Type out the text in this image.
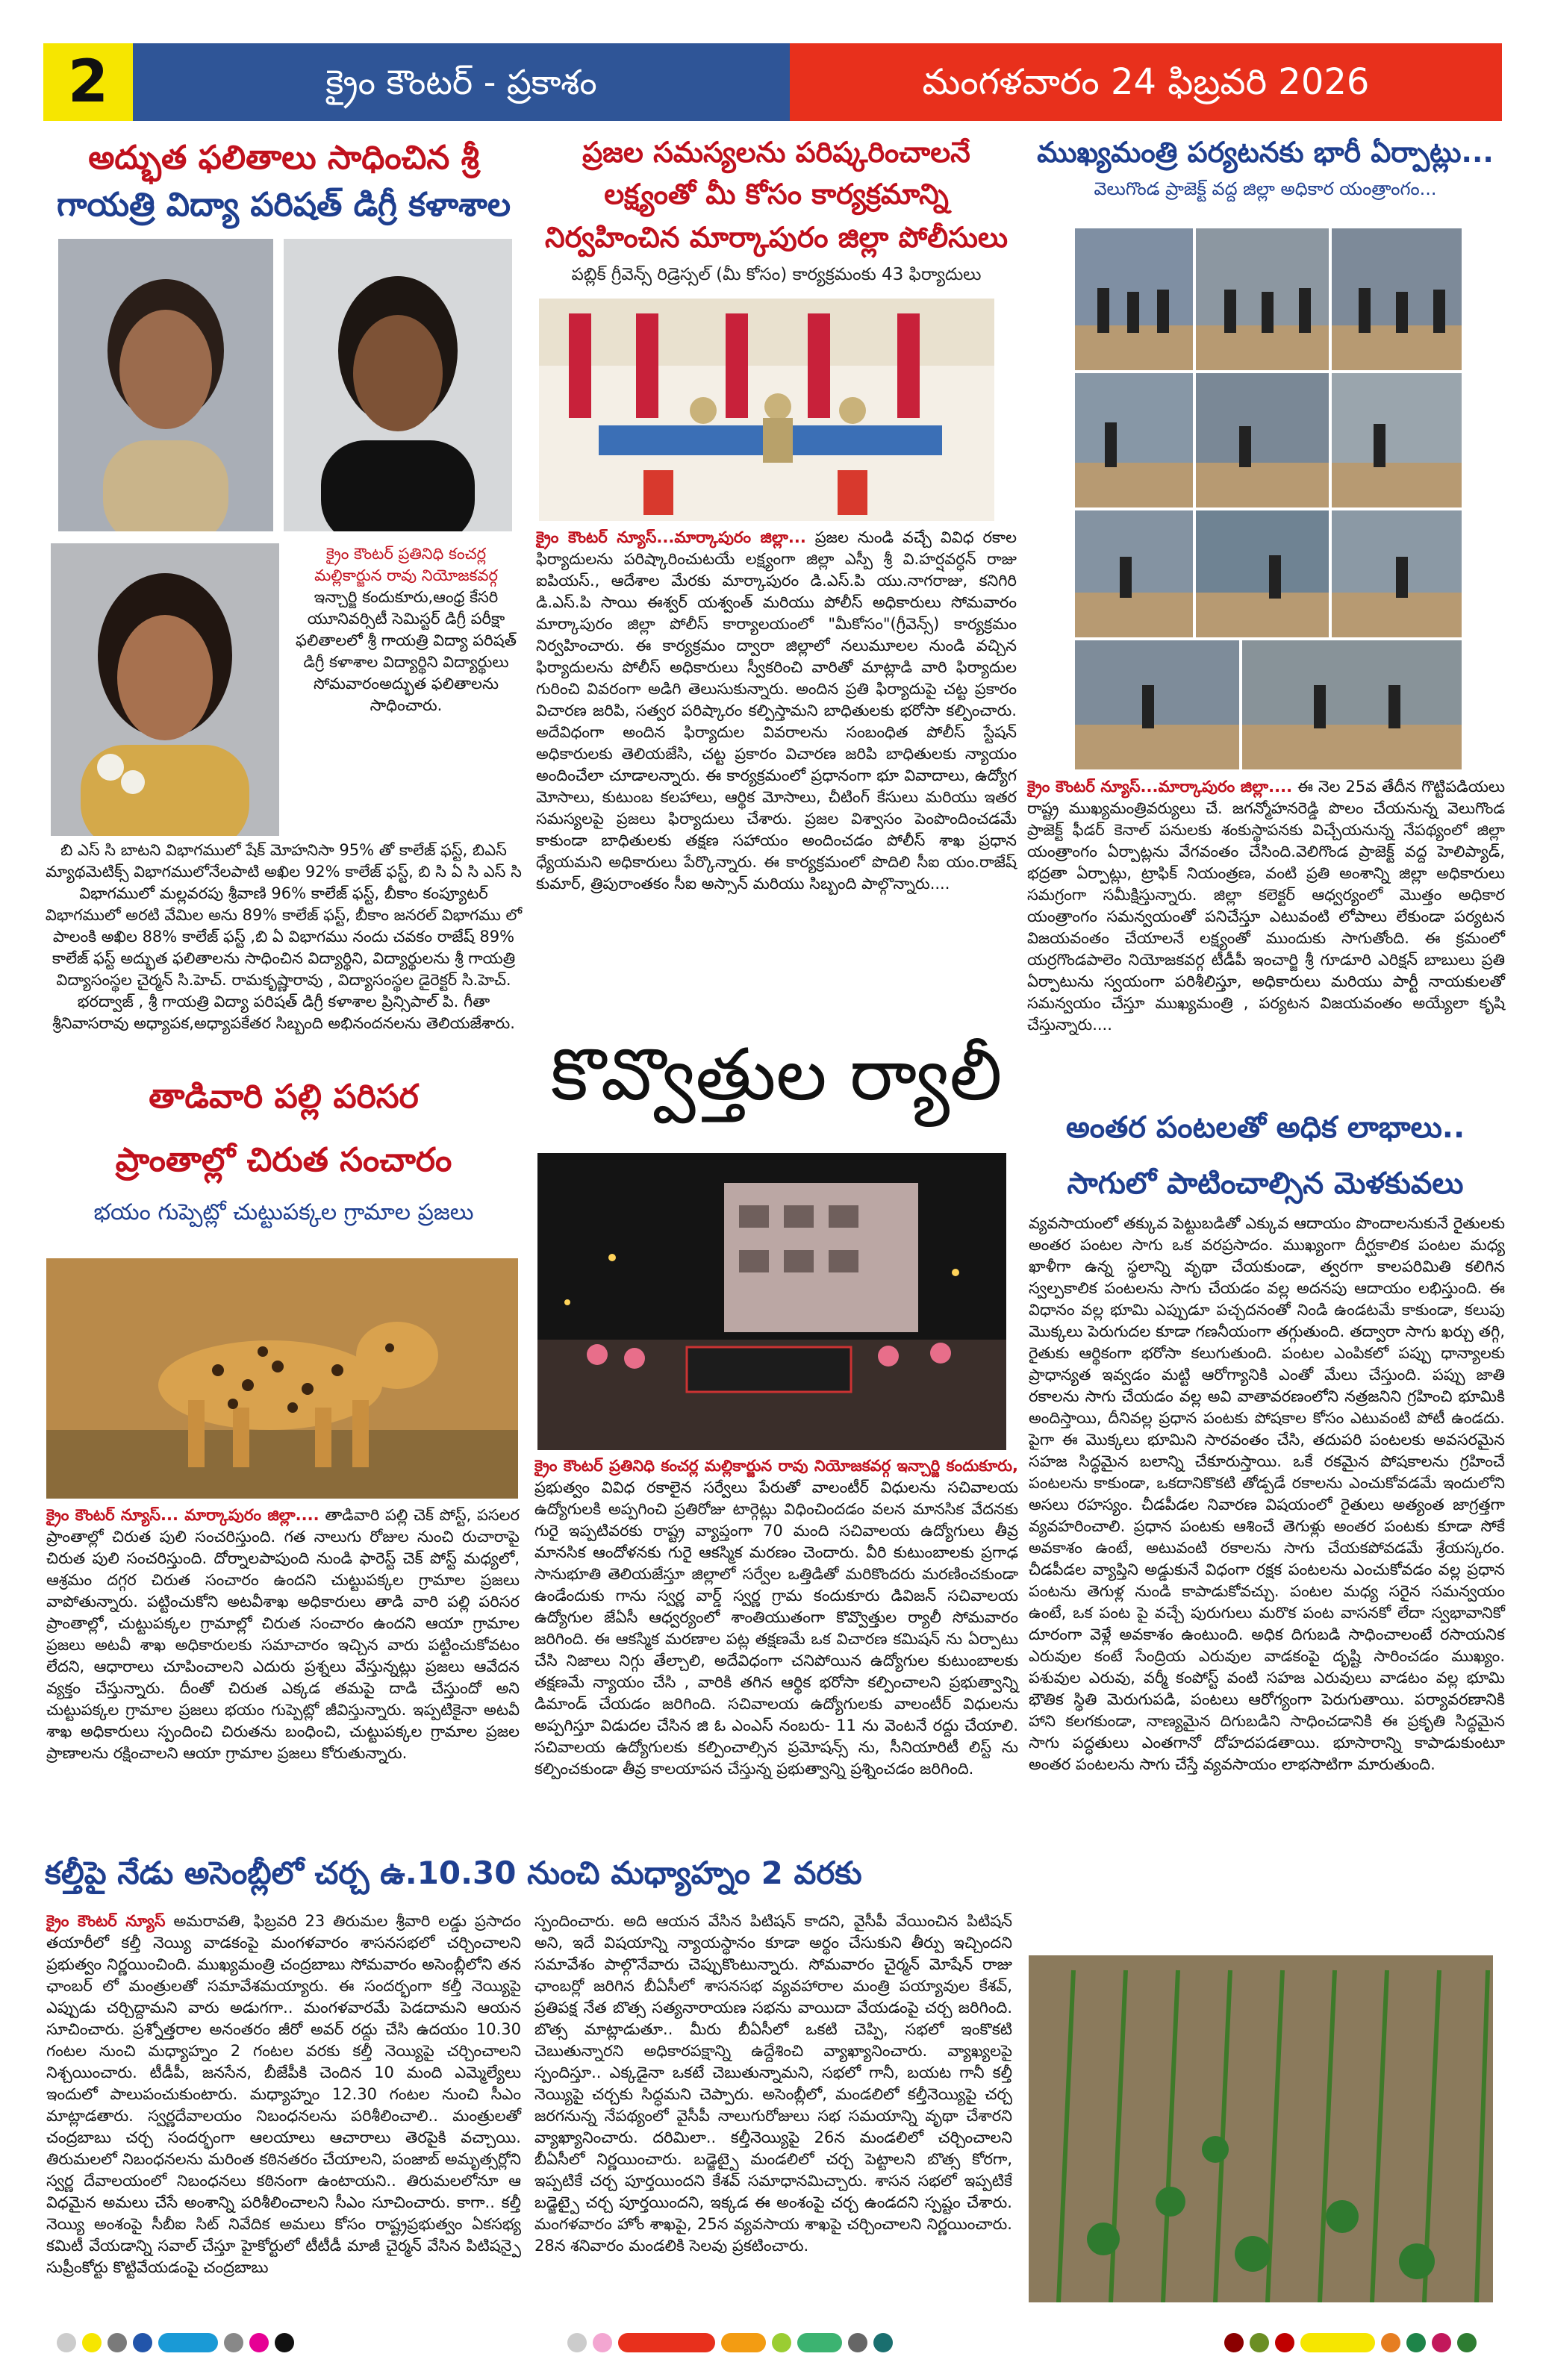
2	క్రైం కౌంటర్ - ప్రకాశం	మంగళవారం 24 ఫిబ్రవరి 2026
అద్భుత ఫలితాలు సాధించిన శ్రీ
గాయత్రి విద్యా పరిషత్ డిగ్రీ కళాశాల
క్రైం కౌంటర్ ప్రతినిధి కంచర్ల మల్లికార్జున రావు నియోజకవర్గ ఇన్చార్జి కందుకూరు,ఆంధ్ర కేసరి యూనివర్సిటీ సెమిస్టర్ డిగ్రీ పరీక్షా ఫలితాలలో శ్రీ గాయత్రి విద్యా పరిషత్ డిగ్రీ కళాశాల విద్యార్థిని విద్యార్థులు సోమవారంఅద్భుత ఫలితాలను సాధించారు.
బి ఎస్ సి బాటని విభాగములో షేక్ మోహనిసా 95% తో కాలేజ్ ఫస్ట్, బిఎస్ మ్యాథమెటిక్స్ విభాగములోనేలపాటి అఖిల 92% కాలేజ్ ఫస్ట్, బి సి ఏ సి ఎస్ సి విభాగములో మల్లవరపు శ్రీవాణి 96% కాలేజ్ ఫస్ట్, బీకాం కంప్యూటర్ విభాగములో అరటి వేమిల అను 89% కాలేజ్ ఫస్ట్, బీకాం జనరల్ విభాగము లో పాలంకి అఖిల 88% కాలేజ్ ఫస్ట్ ,బి ఏ విభాగము నందు చవకం రాజేష్ 89% కాలేజ్ ఫస్ట్ అద్భుత ఫలితాలను సాధించిన విద్యార్థిని, విద్యార్థులను శ్రీ గాయత్రి విద్యాసంస్థల చైర్మన్ సి.హెచ్. రామకృష్ణారావు , విద్యాసంస్థల డైరెక్టర్ సి.హెచ్. భరద్వాజ్ , శ్రీ గాయత్రి విద్యా పరిషత్ డిగ్రీ కళాశాల ప్రిన్సిపాల్ పి. గీతా శ్రీనివాసరావు అధ్యాపక,అధ్యాపకేతర సిబ్బంది అభినందనలను తెలియజేశారు.
తాడివారి పల్లి పరిసర
ప్రాంతాల్లో చిరుత సంచారం
భయం గుప్పెట్లో చుట్టుపక్కల గ్రామాల ప్రజలు
క్రైం కౌంటర్ న్యూస్... మార్కాపురం జిల్లా.... తాడివారి పల్లి చెక్ పోస్ట్, పసలర ప్రాంతాల్లో చిరుత పులి సంచరిస్తుంది. గత నాలుగు రోజుల నుంచి రుచారాపై చిరుత పులి సంచరిస్తుంది. దోర్నాలపాపుంది నుండి ఫారెస్ట్ చెక్ పోస్ట్ మధ్యలో, ఆశ్రమం దగ్గర చిరుత సంచారం ఉందని చుట్టుపక్కల గ్రామాల ప్రజలు వాపోతున్నారు. పట్టించుకోని అటవీశాఖ అధికారులు తాడి వారి పల్లి పరిసర ప్రాంతాల్లో, చుట్టుపక్కల గ్రామాల్లో చిరుత సంచారం ఉందని ఆయా గ్రామాల ప్రజలు అటవీ శాఖ అధికారులకు సమాచారం ఇచ్చిన వారు పట్టించుకోవటం లేదని, ఆధారాలు చూపించాలని ఎదురు ప్రశ్నలు వేస్తున్నట్లు ప్రజలు ఆవేదన వ్యక్తం చేస్తున్నారు. దీంతో చిరుత ఎక్కడ తమపై దాడి చేస్తుందో అని చుట్టుపక్కల గ్రామాల ప్రజలు భయం గుప్పెట్లో జీవిస్తున్నారు. ఇప్పటికైనా అటవీ శాఖ అధికారులు స్పందించి చిరుతను బంధించి, చుట్టుపక్కల గ్రామాల ప్రజల ప్రాణాలను రక్షించాలని ఆయా గ్రామాల ప్రజలు కోరుతున్నారు.
ప్రజల సమస్యలను పరిష్కరించాలనే
లక్ష్యంతో మీ కోసం కార్యక్రమాన్ని
నిర్వహించిన మార్కాపురం జిల్లా పోలీసులు
పబ్లిక్ గ్రీవెన్స్ రిడ్రెస్సల్ (మీ కోసం) కార్యక్రమంకు 43 ఫిర్యాదులు
క్రైం కౌంటర్ న్యూస్...మార్కాపురం జిల్లా... ప్రజల నుండి వచ్చే వివిధ రకాల ఫిర్యాదులను పరిష్కారించుటయే లక్ష్యంగా జిల్లా ఎస్పీ శ్రీ వి.హర్షవర్ధన్ రాజు ఐపియస్., ఆదేశాల మేరకు మార్కాపురం డి.ఎస్.పి యు.నాగరాజు, కనిగిరి డి.ఎస్.పి సాయి ఈశ్వర్ యశ్వంత్ మరియు పోలీస్ అధికారులు సోమవారం మార్కాపురం జిల్లా పోలీస్ కార్యాలయంలో "మీకోసం"(గ్రీవెన్స్) కార్యక్రమం నిర్వహించారు. ఈ కార్యక్రమం ద్వారా జిల్లాలో నలుమూలల నుండి వచ్చిన ఫిర్యాదులను పోలీస్ అధికారులు స్వీకరించి వారితో మాట్లాడి వారి ఫిర్యాదుల గురించి వివరంగా అడిగి తెలుసుకున్నారు. అందిన ప్రతి ఫిర్యాదుపై చట్ట ప్రకారం విచారణ జరిపి, సత్వర పరిష్కారం కల్పిస్తామని బాధితులకు భరోసా కల్పించారు. అదేవిధంగా అందిన ఫిర్యాదుల వివరాలను సంబంధిత పోలీస్ స్టేషన్ అధికారులకు తెలియజేసి, చట్ట ప్రకారం విచారణ జరిపి బాధితులకు న్యాయం అందించేలా చూడాలన్నారు. ఈ కార్యక్రమంలో ప్రధానంగా భూ వివాదాలు, ఉద్యోగ మోసాలు, కుటుంబ కలహాలు, ఆర్థిక మోసాలు, చీటింగ్ కేసులు మరియు ఇతర సమస్యలపై ప్రజలు ఫిర్యాదులు చేశారు. ప్రజల విశ్వాసం పెంపొందించడమే కాకుండా బాధితులకు తక్షణ సహాయం అందించడం పోలీస్ శాఖ ప్రధాన ధ్యేయమని అధికారులు పేర్కొన్నారు. ఈ కార్యక్రమంలో పొదిలి సీఐ యం.రాజేష్ కుమార్, త్రిపురాంతకం సీఐ అస్సాన్ మరియు సిబ్బంది పాల్గొన్నారు....
కొవ్వొత్తుల ర్యాలీ
క్రైం కౌంటర్ ప్రతినిధి కంచర్ల మల్లికార్జున రావు నియోజకవర్గ ఇన్చార్జి కందుకూరు, ప్రభుత్వం వివిధ రకాలైన సర్వేలు పేరుతో వాలంటీర్ విధులను సచివాలయ ఉద్యోగులకి అప్పగించి ప్రతిరోజు టార్గెట్లు విధించిందడం వలన మానసిక వేదనకు గురై ఇప్పటివరకు రాష్ట్ర వ్యాప్తంగా 70 మంది సచివాలయ ఉద్యోగులు తీవ్ర మానసిక ఆందోళనకు గురై ఆకస్మిక మరణం చెందారు. వీరి కుటుంబాలకు ప్రగాఢ సానుభూతి తెలియజేస్తూ జిల్లాలో సర్వేల ఒత్తిడితో మరికొందరు మరణించకుండా ఉండేందుకు గాను స్వర్ణ వార్డ్ స్వర్ణ గ్రామ కందుకూరు డివిజన్ సచివాలయ ఉద్యోగుల జేఏసీ ఆధ్వర్యంలో శాంతియుతంగా కొవ్వొత్తుల ర్యాలీ సోమవారం జరిగింది. ఈ ఆకస్మిక మరణాల పట్ల తక్షణమే ఒక విచారణ కమిషన్ ను ఏర్పాటు చేసి నిజాలు నిగ్గు తేల్చాలి, అదేవిధంగా చనిపోయిన ఉద్యోగుల కుటుంబాలకు తక్షణమే న్యాయం చేసి , వారికి తగిన ఆర్థిక భరోసా కల్పించాలని ప్రభుత్వాన్ని డిమాండ్ చేయడం జరిగింది. సచివాలయ ఉద్యోగులకు వాలంటీర్ విధులను అప్పగిస్తూ విడుదల చేసిన జి ఓ ఎంఎస్ నంబరు- 11 ను వెంటనే రద్దు చేయాలి. సచివాలయ ఉద్యోగులకు కల్పించాల్సిన ప్రమోషన్స్ ను, సీనియారిటీ లిస్ట్ ను కల్పించకుండా తీవ్ర కాలయాపన చేస్తున్న ప్రభుత్వాన్ని ప్రశ్నించడం జరిగింది.
ముఖ్యమంత్రి పర్యటనకు భారీ ఏర్పాట్లు...
వెలుగొండ ప్రాజెక్ట్ వద్ద జిల్లా అధికార యంత్రాంగం...
క్రైం కౌంటర్ న్యూస్...మార్కాపురం జిల్లా.... ఈ నెల 25వ తేదీన గొట్టిపడియలు రాష్ట్ర ముఖ్యమంత్రివర్యులు చే. జగన్మోహనరెడ్డి పొలం చేయనున్న వెలుగొండ ప్రాజెక్ట్ ఫీడర్ కెనాల్ పనులకు శంకుస్థాపనకు విచ్చేయనున్న నేపథ్యంలో జిల్లా యంత్రాంగం ఏర్పాట్లను వేగవంతం చేసింది.వెలిగొండ ప్రాజెక్ట్ వద్ద హెలిప్యాడ్, భద్రతా ఏర్పాట్లు, ట్రాఫిక్ నియంత్రణ, వంటి ప్రతి అంశాన్ని జిల్లా అధికారులు సమగ్రంగా సమీక్షిస్తున్నారు. జిల్లా కలెక్టర్ ఆధ్వర్యంలో మొత్తం అధికార యంత్రాంగం సమన్వయంతో పనిచేస్తూ ఎటువంటి లోపాలు లేకుండా పర్యటన విజయవంతం చేయాలనే లక్ష్యంతో ముందుకు సాగుతోంది. ఈ క్రమంలో యర్రగొండపాలెం నియోజకవర్గ టీడీపీ ఇంచార్జి శ్రీ గూడూరి ఎరిక్షన్ బాబులు ప్రతి ఏర్పాటును స్వయంగా పరిశీలిస్తూ, అధికారులు మరియు పార్టీ నాయకులతో సమన్వయం చేస్తూ ముఖ్యమంత్రి , పర్యటన విజయవంతం అయ్యేలా కృషి చేస్తున్నారు....
అంతర పంటలతో అధిక లాభాలు..
సాగులో పాటించాల్సిన మెళకువలు
వ్యవసాయంలో తక్కువ పెట్టుబడితో ఎక్కువ ఆదాయం పొందాలనుకునే రైతులకు అంతర పంటల సాగు ఒక వరప్రసాదం. ముఖ్యంగా దీర్ఘకాలిక పంటల మధ్య ఖాళీగా ఉన్న స్థలాన్ని వృథా చేయకుండా, త్వరగా కాలపరిమితి కలిగిన స్వల్పకాలిక పంటలను సాగు చేయడం వల్ల అదనపు ఆదాయం లభిస్తుంది. ఈ విధానం వల్ల భూమి ఎప్పుడూ పచ్చదనంతో నిండి ఉండటమే కాకుండా, కలుపు మొక్కలు పెరుగుదల కూడా గణనీయంగా తగ్గుతుంది. తద్వారా సాగు ఖర్చు తగ్గి, రైతుకు ఆర్థికంగా భరోసా కలుగుతుంది. పంటల ఎంపికలో పప్పు ధాన్యాలకు ప్రాధాన్యత ఇవ్వడం మట్టి ఆరోగ్యానికి ఎంతో మేలు చేస్తుంది. పప్పు జాతి రకాలను సాగు చేయడం వల్ల అవి వాతావరణంలోని నత్రజనిని గ్రహించి భూమికి అందిస్తాయి, దీనివల్ల ప్రధాన పంటకు పోషకాల కోసం ఎటువంటి పోటీ ఉండదు. పైగా ఈ మొక్కలు భూమిని సారవంతం చేసి, తదుపరి పంటలకు అవసరమైన సహజ సిద్ధమైన బలాన్ని చేకూరుస్తాయి. ఒకే రకమైన పోషకాలను గ్రహించే పంటలను కాకుండా, ఒకదానికొకటి తోడ్పడే రకాలను ఎంచుకోవడమే ఇందులోని అసలు రహస్యం. చీడపీడల నివారణ విషయంలో రైతులు అత్యంత జాగ్రత్తగా వ్యవహరించాలి. ప్రధాన పంటకు ఆశించే తెగుళ్లు అంతర పంటకు కూడా సోకే అవకాశం ఉంటే, అటువంటి రకాలను సాగు చేయకపోవడమే శ్రేయస్కరం. చీడపీడల వ్యాప్తిని అడ్డుకునే విధంగా రక్షక పంటలను ఎంచుకోవడం వల్ల ప్రధాన పంటను తెగుళ్ల నుండి కాపాడుకోవచ్చు. పంటల మధ్య సరైన సమన్వయం ఉంటే, ఒక పంట పై వచ్చే పురుగులు మరొక పంట వాసనకో లేదా స్వభావానికో దూరంగా వెళ్లే అవకాశం ఉంటుంది. అధిక దిగుబడి సాధించాలంటే రసాయనిక ఎరువుల కంటే సేంద్రియ ఎరువుల వాడకంపై దృష్టి సారించడం ముఖ్యం. పశువుల ఎరువు, వర్మీ కంపోస్ట్ వంటి సహజ ఎరువులు వాడటం వల్ల భూమి భౌతిక స్థితి మెరుగుపడి, పంటలు ఆరోగ్యంగా పెరుగుతాయి. పర్యావరణానికి హాని కలగకుండా, నాణ్యమైన దిగుబడిని సాధించడానికి ఈ ప్రకృతి సిద్ధమైన సాగు పద్ధతులు ఎంతగానో దోహదపడతాయి. భూసారాన్ని కాపాడుకుంటూ అంతర పంటలను సాగు చేస్తే వ్యవసాయం లాభసాటిగా మారుతుంది.
కల్తీపై నేడు అసెంబ్లీలో చర్చ ఉ.10.30 నుంచి మధ్యాహ్నం 2 వరకు
క్రైం కౌంటర్ న్యూస్ అమరావతి, ఫిబ్రవరి 23 తిరుమల శ్రీవారి లడ్డు ప్రసాదం తయారీలో కల్తీ నెయ్యి వాడకంపై మంగళవారం శాసనసభలో చర్చించాలని ప్రభుత్వం నిర్ణయించింది. ముఖ్యమంత్రి చంద్రబాబు సోమవారం అసెంబ్లీలోని తన ఛాంబర్ లో మంత్రులతో సమావేశమయ్యారు. ఈ సందర్భంగా కల్తీ నెయ్యిపై ఎప్పుడు చర్చిద్దామని వారు అడుగగా.. మంగళవారమే పెడదామని ఆయన సూచించారు. ప్రశ్నోత్తరాల అనంతరం జీరో అవర్ రద్దు చేసి ఉదయం 10.30 గంటల నుంచి మధ్యాహ్నం 2 గంటల వరకు కల్తీ నెయ్యిపై చర్చించాలని నిశ్చయించారు. టీడీపీ, జనసేన, బీజేపీకి చెందిన 10 మంది ఎమ్మెల్యేలు ఇందులో పాలుపంచుకుంటారు. మధ్యాహ్నం 12.30 గంటల నుంచి సీఎం మాట్లాడతారు. స్వర్ణదేవాలయం నిబంధనలను పరిశీలించాలి.. మంత్రులతో చంద్రబాబు చర్చ సందర్భంగా ఆలయాలు ఆచారాలు తెరపైకి వచ్చాయి. తిరుమలలో నిబంధనలను మరింత కఠినతరం చేయాలని, పంజాబ్ అమృత్సర్లోని స్వర్ణ దేవాలయంలో నిబంధనలు కఠినంగా ఉంటాయని.. తిరుమలలోనూ ఆ విధమైన అమలు చేసే అంశాన్ని పరిశీలించాలని సీఎం సూచించారు. కాగా.. కల్తీ నెయ్యి అంశంపై సీబీఐ సిట్ నివేదిక అమలు కోసం రాష్ట్రప్రభుత్వం ఏకసభ్య కమిటీ వేయడాన్ని సవాల్ చేస్తూ హైకోర్టులో టీటీడీ మాజీ చైర్మన్ వేసిన పిటిషన్పై సుప్రీంకోర్టు కొట్టివేయడంపై చంద్రబాబు
స్పందించారు. అది ఆయన వేసిన పిటిషన్ కాదని, వైసీపీ వేయించిన పిటిషన్ అని, ఇదే విషయాన్ని న్యాయస్థానం కూడా అర్థం చేసుకుని తీర్పు ఇచ్చిందని సమావేశం పాల్గొనేవారు చెప్పుకొంటున్నారు. సోమవారం చైర్మన్ మోషేన్ రాజు ఛాంబర్లో జరిగిన బీఏసీలో శాసనసభ వ్యవహారాల మంత్రి పయ్యావుల కేశవ్, ప్రతిపక్ష నేత బొత్స సత్యనారాయణ సభను వాయిదా వేయడంపై చర్చ జరిగింది. బొత్స మాట్లాడుతూ.. మీరు బీఏసీలో ఒకటి చెప్పి, సభలో ఇంకొకటి చెబుతున్నారని అధికారపక్షాన్ని ఉద్దేశించి వ్యాఖ్యానించారు. వ్యాఖ్యలపై స్పందిస్తూ.. ఎక్కడైనా ఒకటే చెబుతున్నామని, సభలో గానీ, బయట గానీ కల్తీ నెయ్యిపై చర్చకు సిద్ధమని చెప్పారు. అసెంబ్లీలో, మండలిలో కల్తీనెయ్యిపై చర్చ జరగనున్న నేపథ్యంలో వైసీపీ నాలుగురోజులు సభ సమయాన్ని వృథా చేశారని వ్యాఖ్యానించారు. దరిమిలా.. కల్తీనెయ్యిపై 26న మండలిలో చర్చించాలని బీఏసీలో నిర్ణయించారు. బడ్జెట్పై మండలిలో చర్చ పెట్టాలని బొత్స కోరగా, ఇప్పటికే చర్చ పూర్తయిందని కేశవ్ సమాధానమిచ్చారు. శాసన సభలో ఇప్పటికే బడ్జెట్పై చర్చ పూర్తయిందని, ఇక్కడ ఈ అంశంపై చర్చ ఉండదని స్పష్టం చేశారు. మంగళవారం హోం శాఖపై, 25న వ్యవసాయ శాఖపై చర్చించాలని నిర్ణయించారు. 28న శనివారం మండలికి సెలవు ప్రకటించారు.
